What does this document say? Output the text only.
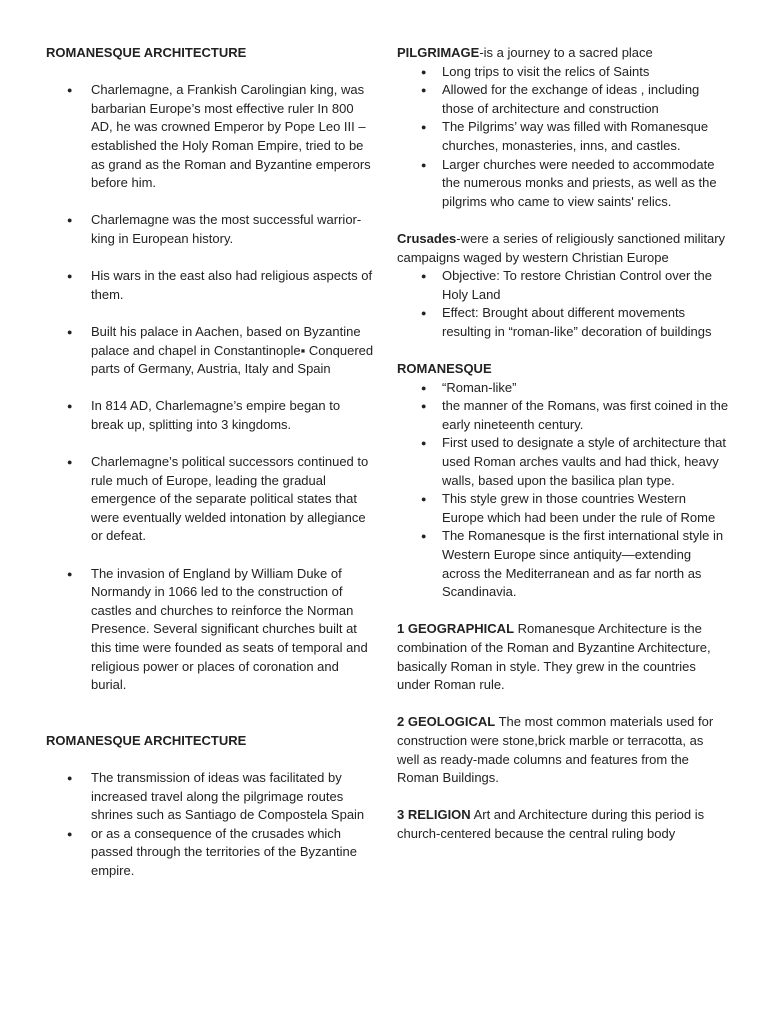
ROMANESQUE ARCHITECTURE

● Charlemagne, a Frankish Carolingian king, was barbarian Europe’s most effective ruler In 800 AD, he was crowned Emperor by Pope Leo III – established the Holy Roman Empire, tried to be as grand as the Roman and Byzantine emperors before him.
● Charlemagne was the most successful warrior-king in European history.
● His wars in the east also had religious aspects of them.
● Built his palace in Aachen, based on Byzantine palace and chapel in Constantinople▪ Conquered parts of Germany, Austria, Italy and Spain
● In 814 AD, Charlemagne’s empire began to break up, splitting into 3 kingdoms.
● Charlemagne’s political successors continued to rule much of Europe, leading the gradual emergence of the separate political states that were eventually welded intonation by allegiance or defeat.
● The invasion of England by William Duke of Normandy in 1066 led to the construction of castles and churches to reinforce the Norman Presence. Several significant churches built at this time were founded as seats of temporal and religious power or places of coronation and burial.

ROMANESQUE ARCHITECTURE

● The transmission of ideas was facilitated by increased travel along the pilgrimage routes shrines such as Santiago de Compostela Spain
● or as a consequence of the crusades which passed through the territories of the Byzantine empire.

PILGRIMAGE-is a journey to a sacred place

● Long trips to visit the relics of Saints
● Allowed for the exchange of ideas , including those of architecture and construction
● The Pilgrims’ way was filled with Romanesque churches, monasteries, inns, and castles.
● Larger churches were needed to accommodate the numerous monks and priests, as well as the pilgrims who came to view saints' relics.

Crusades-were a series of religiously sanctioned military campaigns waged by western Christian Europe

● Objective: To restore Christian Control over the Holy Land
● Effect: Brought about different movements resulting in “roman-like” decoration of buildings

ROMANESQUE

● “Roman-like”
● the manner of the Romans, was first coined in the early nineteenth century.
● First used to designate a style of architecture that used Roman arches vaults and had thick, heavy walls, based upon the basilica plan type.
● This style grew in those countries Western Europe which had been under the rule of Rome
● The Romanesque is the first international style in Western Europe since antiquity—extending across the Mediterranean and as far north as Scandinavia.

1 GEOGRAPHICAL Romanesque Architecture is the combination of the Roman and Byzantine Architecture, basically Roman in style. They grew in the countries under Roman rule.

2 GEOLOGICAL The most common materials used for construction were stone,brick marble or terracotta, as well as ready-made columns and features from the Roman Buildings.

3 RELIGION Art and Architecture during this period is church-centered because the central ruling body
